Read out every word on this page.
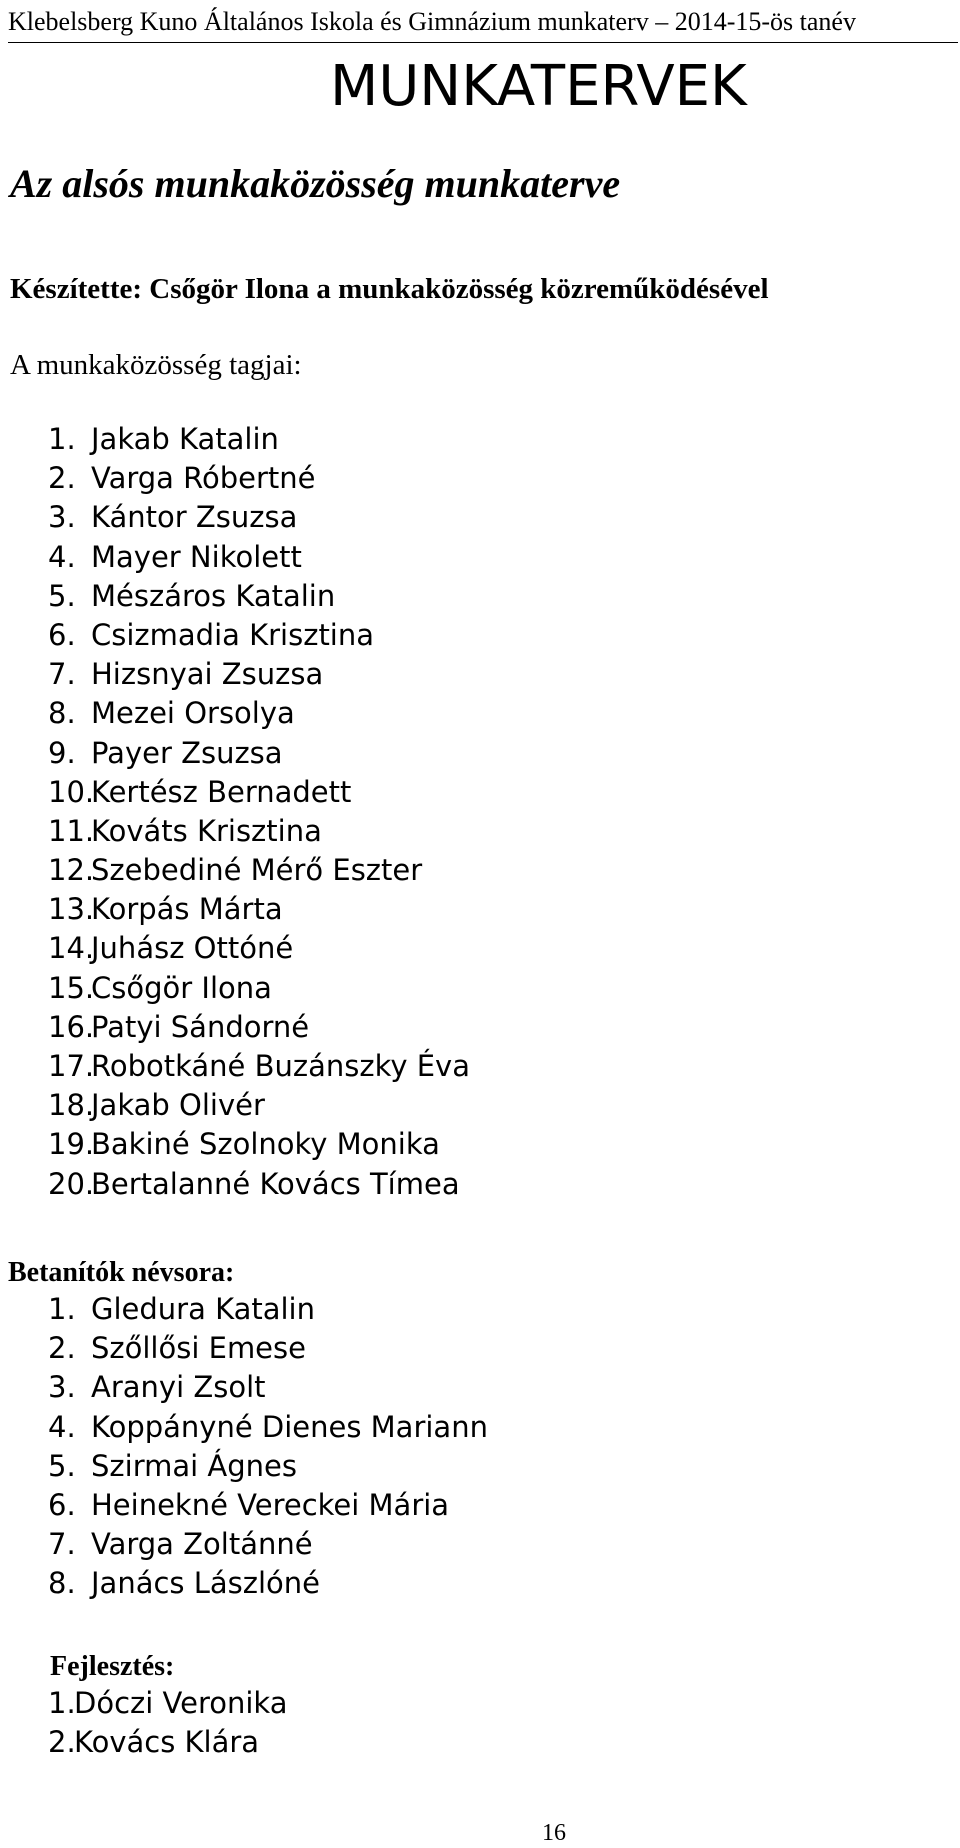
Klebelsberg Kuno Általános Iskola és Gimnázium munkaterv – 2014-15-ös tanév
MUNKATERVEK
Az alsós munkaközösség munkaterve
Készítette: Csőgör Ilona a munkaközösség közreműködésével
A munkaközösség tagjai:
1. Jakab Katalin
2. Varga Róbertné
3. Kántor Zsuzsa
4. Mayer Nikolett
5. Mészáros Katalin
6. Csizmadia Krisztina
7. Hizsnyai Zsuzsa
8. Mezei Orsolya
9. Payer Zsuzsa
10.Kertész Bernadett
11.Kováts Krisztina
12.Szebediné Mérő Eszter
13.Korpás Márta
14.Juhász Ottóné
15.Csőgör Ilona
16.Patyi Sándorné
17.Robotkáné Buzánszky Éva
18.Jakab Olivér
19.Bakiné Szolnoky Monika
20.Bertalanné Kovács Tímea
Betanítók névsora:
1. Gledura Katalin
2. Szőllősi Emese
3. Aranyi Zsolt
4. Koppányné Dienes Mariann
5. Szirmai Ágnes
6. Heinekné Vereckei Mária
7. Varga Zoltánné
8. Janács Lászlóné
Fejlesztés:
1.Dóczi Veronika
2.Kovács Klára
16
